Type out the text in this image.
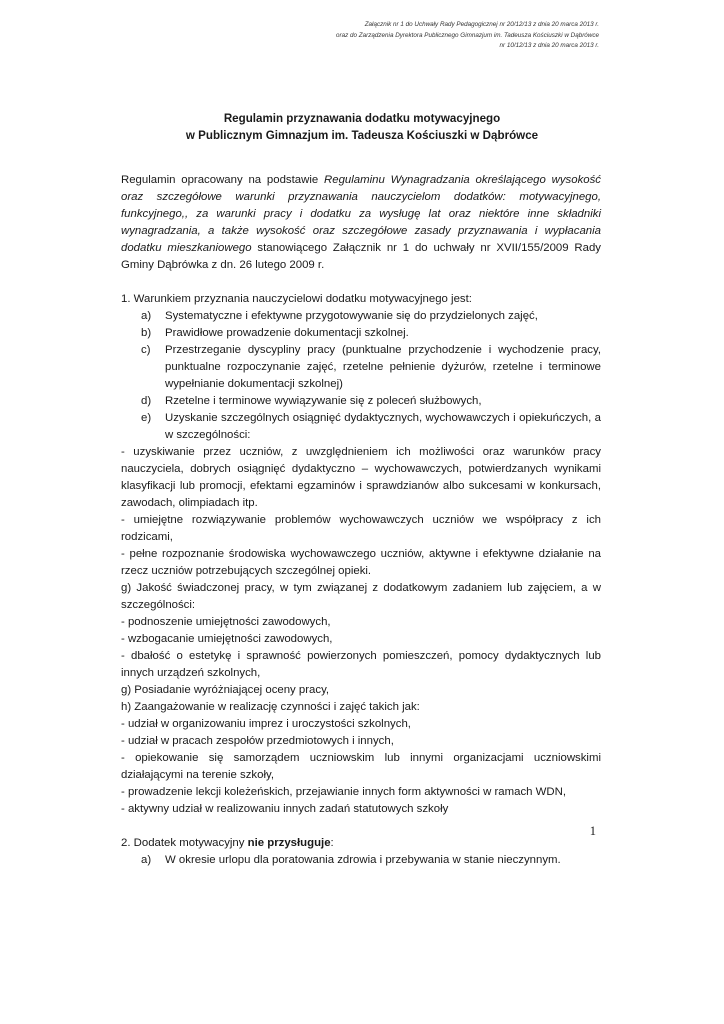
Załącznik nr 1 do Uchwały Rady Pedagogicznej nr 20/12/13 z dnia 20 marca 2013 r.
oraz do Zarządzenia Dyrektora Publicznego Gimnazjum im. Tadeusza Kościuszki w Dąbrówce
nr 10/12/13 z dnia 20 marca 2013 r.
Regulamin przyznawania dodatku motywacyjnego
w Publicznym Gimnazjum im. Tadeusza Kościuszki w Dąbrówce

Regulamin opracowany na podstawie Regulaminu Wynagradzania określającego wysokość oraz szczegółowe warunki przyznawania nauczycielom dodatków: motywacyjnego, funkcyjnego,, za warunki pracy i dodatku za wysługę lat oraz niektóre inne składniki wynagradzania, a także wysokość oraz szczegółowe zasady przyznawania i wypłacania dodatku mieszkaniowego stanowiącego Załącznik nr 1 do uchwały nr XVII/155/2009 Rady Gminy Dąbrówka z dn. 26 lutego 2009 r.

1. Warunkiem przyznania nauczycielowi dodatku motywacyjnego jest:

a) Systematyczne i efektywne przygotowywanie się do przydzielonych zajęć,
b) Prawidłowe prowadzenie dokumentacji szkolnej.
c) Przestrzeganie dyscypliny pracy (punktualne przychodzenie i wychodzenie pracy, punktualne rozpoczynanie zajęć, rzetelne pełnienie dyżurów, rzetelne i terminowe wypełnianie dokumentacji szkolnej)
d) Rzetelne i terminowe wywiązywanie się z poleceń służbowych,
e) Uzyskanie szczególnych osiągnięć dydaktycznych, wychowawczych i opiekuńczych, a w szczególności:

- uzyskiwanie przez uczniów, z uwzględnieniem ich możliwości oraz warunków pracy nauczyciela, dobrych osiągnięć dydaktyczno – wychowawczych, potwierdzanych wynikami klasyfikacji lub promocji, efektami egzaminów i sprawdzianów albo sukcesami w konkursach, zawodach, olimpiadach itp.

- umiejętne rozwiązywanie problemów wychowawczych uczniów we współpracy z ich rodzicami,

- pełne rozpoznanie środowiska wychowawczego uczniów, aktywne i efektywne działanie na rzecz uczniów potrzebujących szczególnej opieki.

g) Jakość świadczonej pracy, w tym związanej z dodatkowym zadaniem lub zajęciem, a w szczególności:

- podnoszenie umiejętności zawodowych,

- wzbogacanie umiejętności zawodowych,

- dbałość o estetykę i sprawność powierzonych pomieszczeń, pomocy dydaktycznych lub innych urządzeń szkolnych,

g) Posiadanie wyróżniającej oceny pracy,

h) Zaangażowanie w realizację czynności i zajęć takich jak:

- udział w organizowaniu imprez i uroczystości szkolnych,

- udział w pracach zespołów przedmiotowych i innych,

- opiekowanie się samorządem uczniowskim lub innymi organizacjami uczniowskimi działającymi na terenie szkoły,

- prowadzenie lekcji koleżeńskich, przejawianie innych form aktywności w ramach WDN,

- aktywny udział w realizowaniu innych zadań statutowych szkoły

2. Dodatek motywacyjny nie przysługuje:

a) W okresie urlopu dla poratowania zdrowia i przebywania w stanie nieczynnym.
1
